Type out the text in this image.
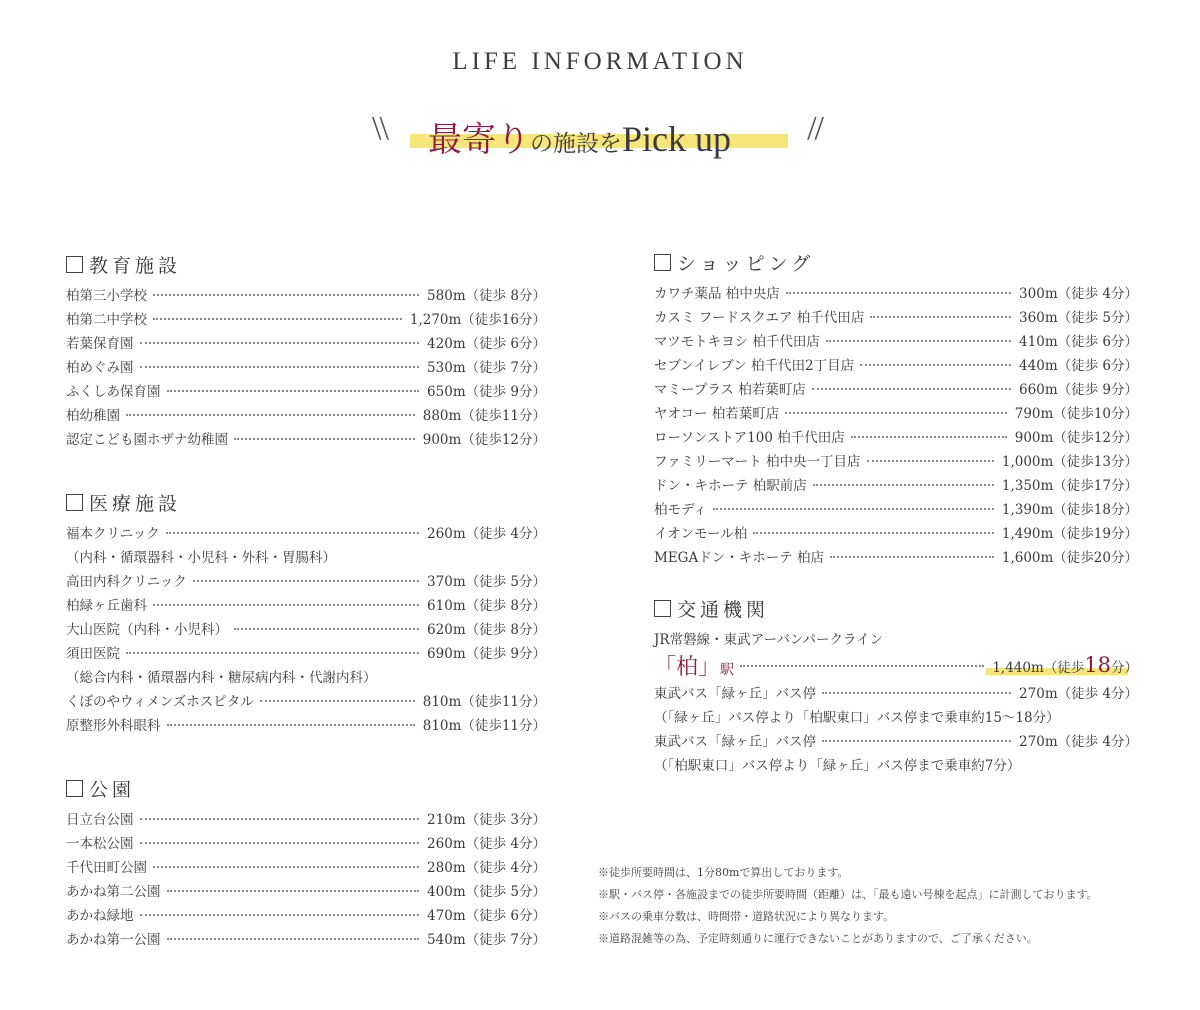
LIFE INFORMATION
\\ 最寄りの施設をPick up //
教育施設
柏第三小学校	580m（徒歩 8分）
柏第二中学校	1,270m（徒歩16分）
若葉保育園	420m（徒歩 6分）
柏めぐみ園	530m（徒歩 7分）
ふくしあ保育園	650m（徒歩 9分）
柏幼稚園	880m（徒歩11分）
認定こども園ホザナ幼稚園	900m（徒歩12分）
医療施設
福本クリニック	260m（徒歩 4分）
（内科・循環器科・小児科・外科・胃腸科）
高田内科クリニック	370m（徒歩 5分）
柏緑ヶ丘歯科	610m（徒歩 8分）
大山医院（内科・小児科）	620m（徒歩 8分）
須田医院	690m（徒歩 9分）
（総合内科・循環器内科・糖尿病内科・代謝内科）
くぼのやウィメンズホスピタル	810m（徒歩11分）
原整形外科眼科	810m（徒歩11分）
公園
日立台公園	210m（徒歩 3分）
一本松公園	260m（徒歩 4分）
千代田町公園	280m（徒歩 4分）
あかね第二公園	400m（徒歩 5分）
あかね緑地	470m（徒歩 6分）
あかね第一公園	540m（徒歩 7分）
ショッピング
カワチ薬品 柏中央店	300m（徒歩 4分）
カスミ フードスクエア 柏千代田店	360m（徒歩 5分）
マツモトキヨシ 柏千代田店	410m（徒歩 6分）
セブンイレブン 柏千代田2丁目店	440m（徒歩 6分）
マミープラス 柏若葉町店	660m（徒歩 9分）
ヤオコー 柏若葉町店	790m（徒歩10分）
ローソンストア100 柏千代田店	900m（徒歩12分）
ファミリーマート 柏中央一丁目店	1,000m（徒歩13分）
ドン・キホーテ 柏駅前店	1,350m（徒歩17分）
柏モディ	1,390m（徒歩18分）
イオンモール柏	1,490m（徒歩19分）
MEGAドン・キホーテ 柏店	1,600m（徒歩20分）
交通機関
JR常磐線・東武アーバンパークライン
「柏」駅	1,440m（徒歩18分）
東武バス「緑ヶ丘」バス停	270m（徒歩 4分）
（「緑ヶ丘」バス停より「柏駅東口」バス停まで乗車約15～18分）
東武バス「緑ヶ丘」バス停	270m（徒歩 4分）
（「柏駅東口」バス停より「緑ヶ丘」バス停まで乗車約7分）
※徒歩所要時間は、1分80mで算出しております。
※駅・バス停・各施設までの徒歩所要時間（距離）は、「最も遠い号棟を起点」に計測しております。
※バスの乗車分数は、時間帯・道路状況により異なります。
※道路混雑等の為、予定時刻通りに運行できないことがありますので、ご了承ください。
